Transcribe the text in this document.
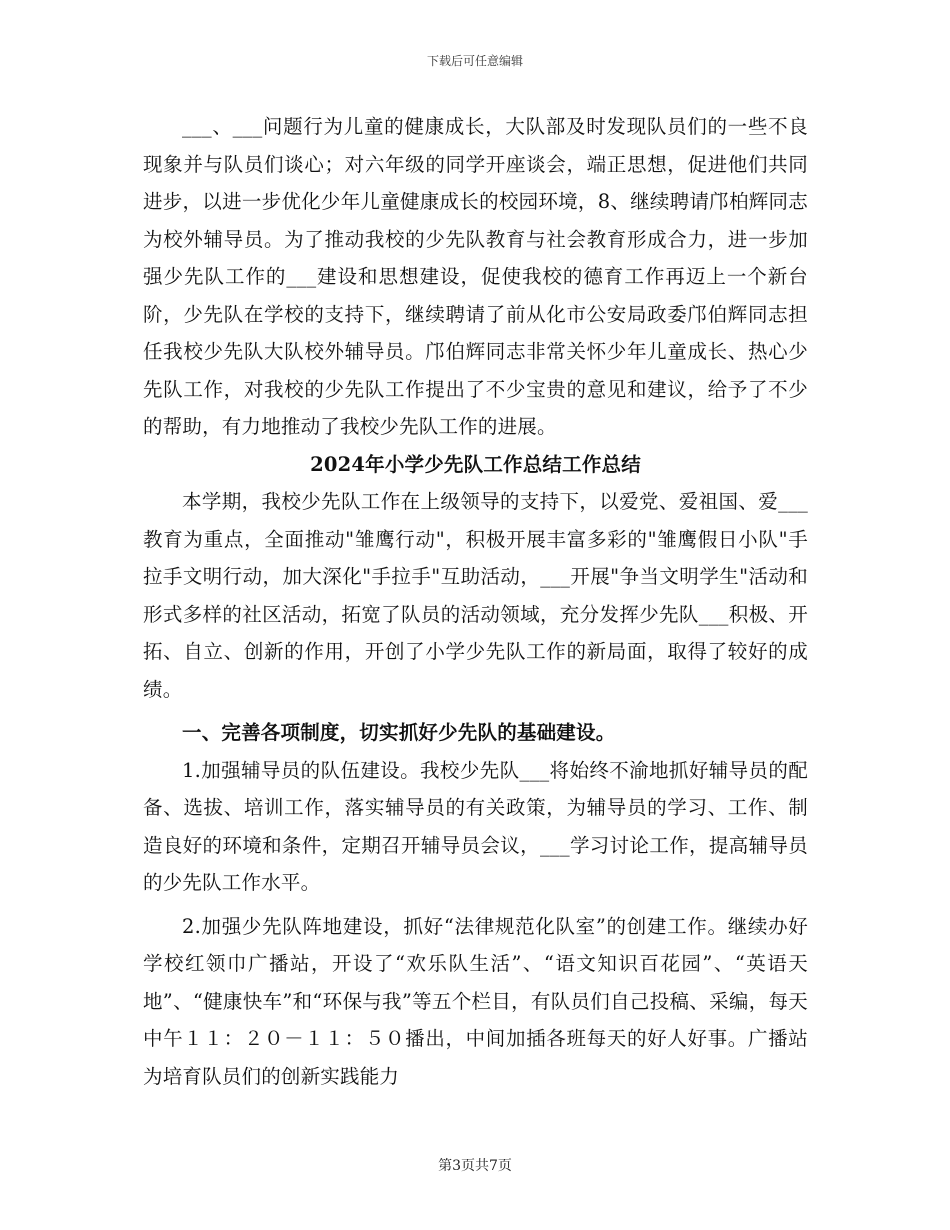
下载后可任意编辑

___、___问题行为儿童的健康成长，大队部及时发现队员们的一些不良现象并与队员们谈心；对六年级的同学开座谈会，端正思想，促进他们共同进步，以进一步优化少年儿童健康成长的校园环境，8、继续聘请邝柏辉同志为校外辅导员。为了推动我校的少先队教育与社会教育形成合力，进一步加强少先队工作的___建设和思想建设，促使我校的德育工作再迈上一个新台阶，少先队在学校的支持下，继续聘请了前从化市公安局政委邝伯辉同志担任我校少先队大队校外辅导员。邝伯辉同志非常关怀少年儿童成长、热心少先队工作，对我校的少先队工作提出了不少宝贵的意见和建议，给予了不少的帮助，有力地推动了我校少先队工作的进展。

2024年小学少先队工作总结工作总结

本学期，我校少先队工作在上级领导的支持下，以爱党、爱祖国、爱___教育为重点，全面推动"雏鹰行动"，积极开展丰富多彩的"雏鹰假日小队"手拉手文明行动，加大深化"手拉手"互助活动，___开展"争当文明学生"活动和形式多样的社区活动，拓宽了队员的活动领域，充分发挥少先队___积极、开拓、自立、创新的作用，开创了小学少先队工作的新局面，取得了较好的成绩。

一、完善各项制度，切实抓好少先队的基础建设。

1.加强辅导员的队伍建设。我校少先队___将始终不渝地抓好辅导员的配备、选拔、培训工作，落实辅导员的有关政策，为辅导员的学习、工作、制造良好的环境和条件，定期召开辅导员会议，___学习讨论工作，提高辅导员的少先队工作水平。

2.加强少先队阵地建设，抓好“法律规范化队室”的创建工作。继续办好学校红领巾广播站，开设了“欢乐队生活”、“语文知识百花园”、“英语天地”、“健康快车”和“环保与我”等五个栏目，有队员们自己投稿、采编，每天中午１１：２０－１１：５０播出，中间加插各班每天的好人好事。广播站为培育队员们的创新实践能力

第3页共7页
